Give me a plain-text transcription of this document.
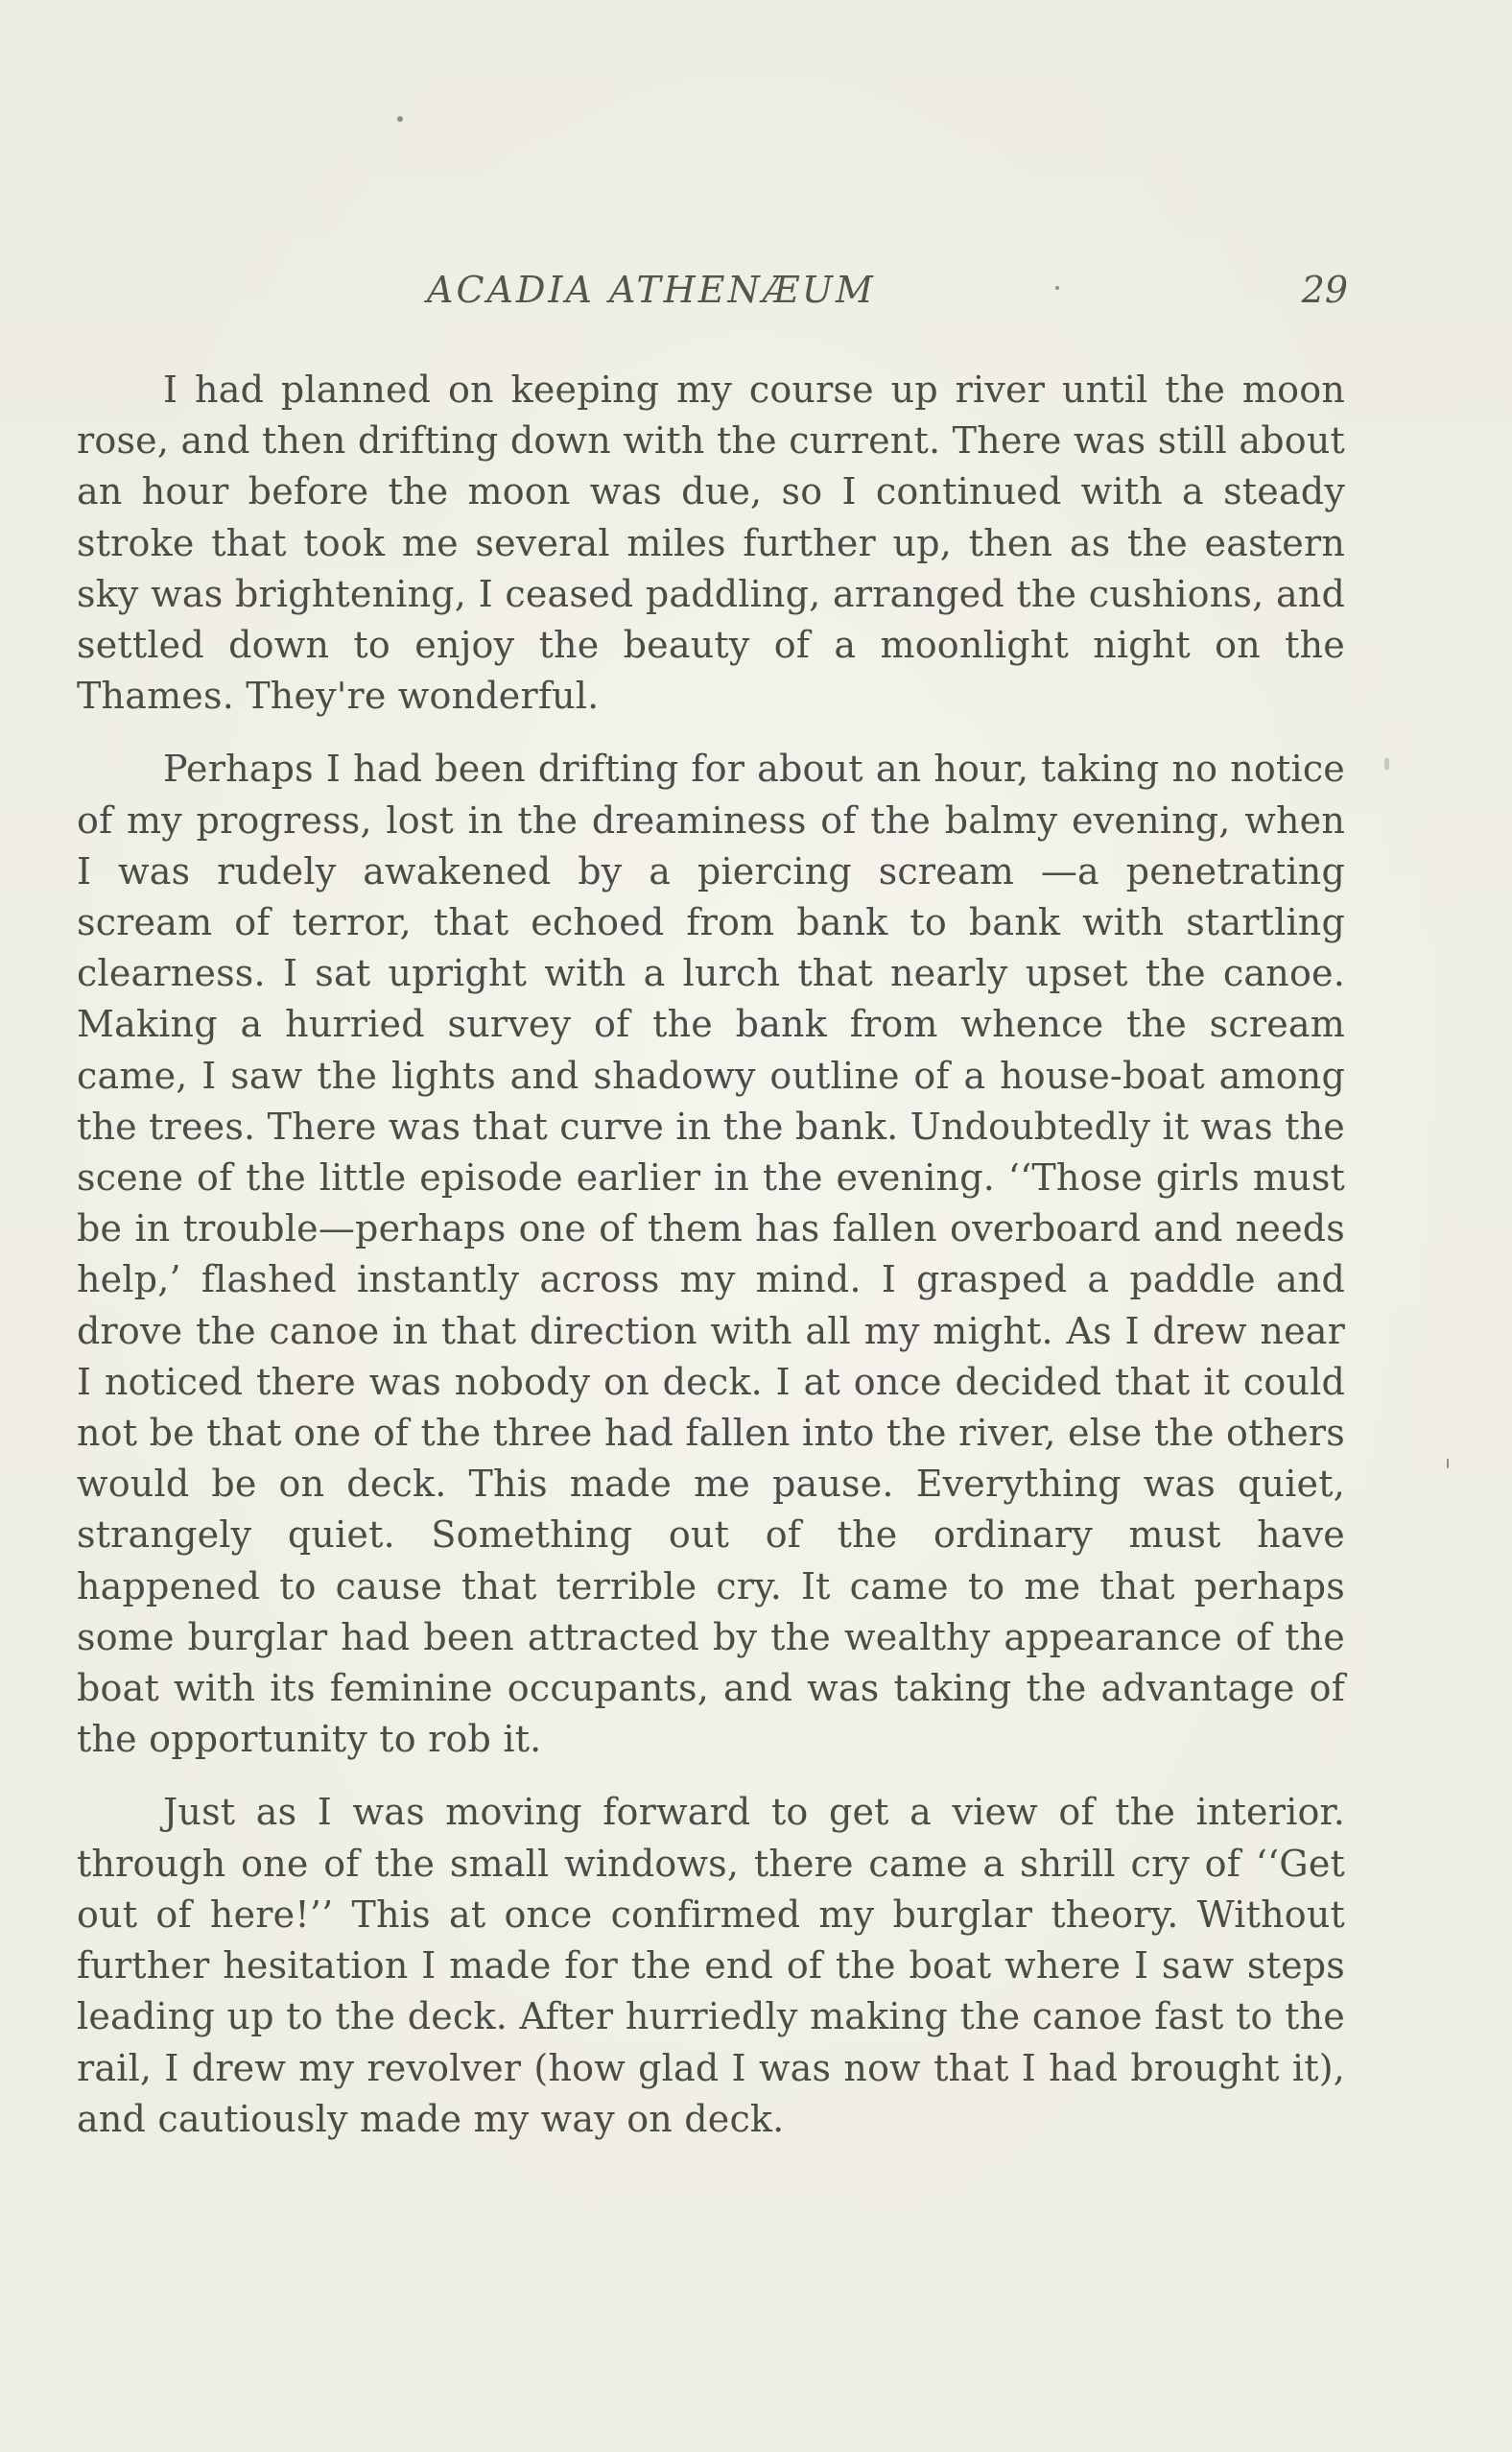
ACADIA ATHENÆUM	29

I had planned on keeping my course up river until the moon rose, and then drifting down with the current. There was still about an hour before the moon was due, so I continued with a steady stroke that took me several miles further up, then as the eastern sky was brightening, I ceased paddling, arranged the cushions, and settled down to enjoy the beauty of a moonlight night on the Thames. They're wonderful.

Perhaps I had been drifting for about an hour, taking no notice of my progress, lost in the dreaminess of the balmy evening, when I was rudely awakened by a piercing scream —a penetrating scream of terror, that echoed from bank to bank with startling clearness. I sat upright with a lurch that nearly upset the canoe. Making a hurried survey of the bank from whence the scream came, I saw the lights and shadowy outline of a house-boat among the trees. There was that curve in the bank. Undoubtedly it was the scene of the little episode earlier in the evening. ‘‘Those girls must be in trouble—perhaps one of them has fallen overboard and needs help,’ flashed instantly across my mind. I grasped a paddle and drove the canoe in that direction with all my might. As I drew near I noticed there was nobody on deck. I at once decided that it could not be that one of the three had fallen into the river, else the others would be on deck. This made me pause. Everything was quiet, strangely quiet. Something out of the ordinary must have happened to cause that terrible cry. It came to me that perhaps some burglar had been attracted by the wealthy appearance of the boat with its feminine occupants, and was taking the advantage of the opportunity to rob it.

Just as I was moving forward to get a view of the interior. through one of the small windows, there came a shrill cry of ‘‘Get out of here!’’ This at once confirmed my burglar theory. Without further hesitation I made for the end of the boat where I saw steps leading up to the deck. After hurriedly making the canoe fast to the rail, I drew my revolver (how glad I was now that I had brought it), and cautiously made my way on deck.
